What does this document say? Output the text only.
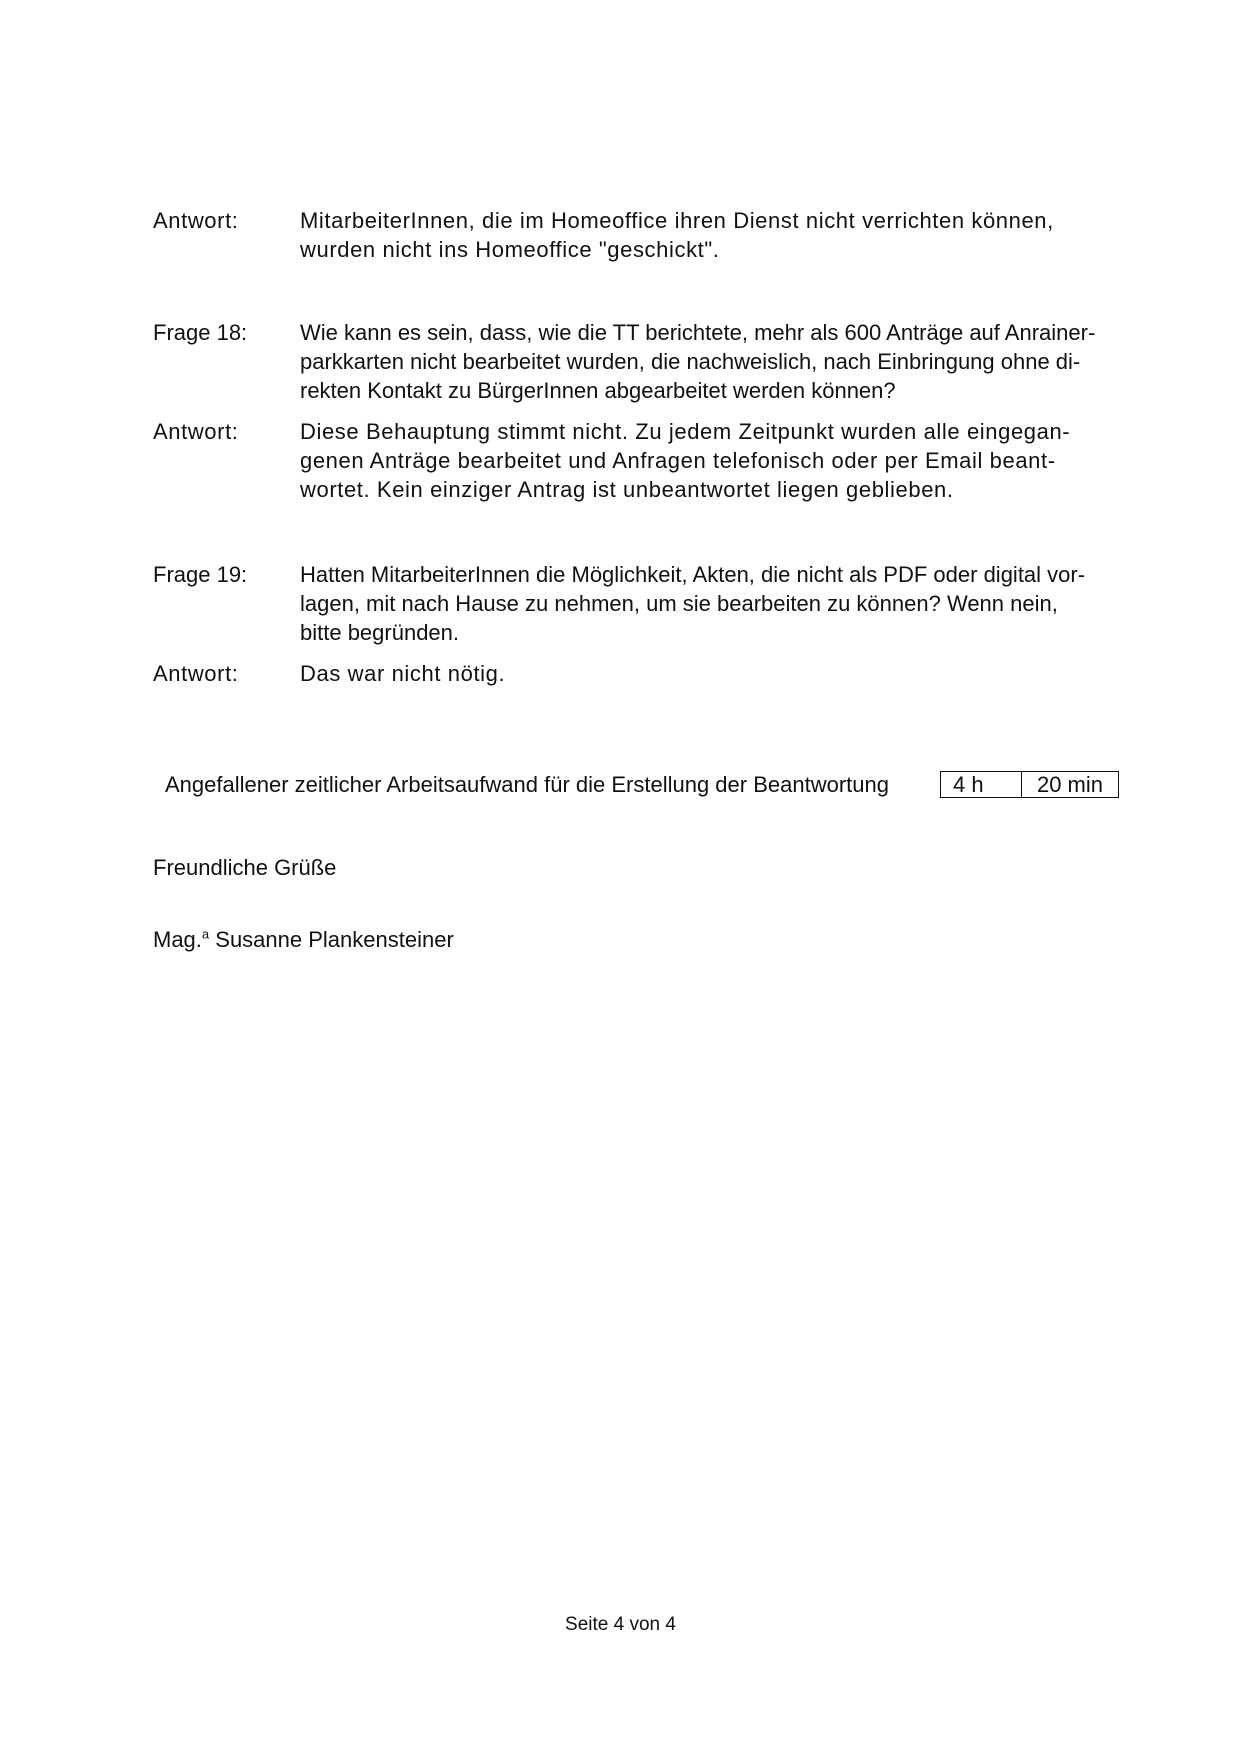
Antwort:	MitarbeiterInnen, die im Homeoffice ihren Dienst nicht verrichten können,
wurden nicht ins Homeoffice "geschickt".
Frage 18:	Wie kann es sein, dass, wie die TT berichtete, mehr als 600 Anträge auf Anrainer-
parkkarten nicht bearbeitet wurden, die nachweislich, nach Einbringung ohne di-
rekten Kontakt zu BürgerInnen abgearbeitet werden können?
Antwort:	Diese Behauptung stimmt nicht. Zu jedem Zeitpunkt wurden alle eingegan-
genen Anträge bearbeitet und Anfragen telefonisch oder per Email beant-
wortet. Kein einziger Antrag ist unbeantwortet liegen geblieben.
Frage 19:	Hatten MitarbeiterInnen die Möglichkeit, Akten, die nicht als PDF oder digital vor-
lagen, mit nach Hause zu nehmen, um sie bearbeiten zu können? Wenn nein,
bitte begründen.
Antwort:	Das war nicht nötig.
Angefallener zeitlicher Arbeitsaufwand für die Erstellung der Beantwortung	4 h	20 min
Freundliche Grüße
Mag.$^a$ Susanne Plankensteiner
Seite 4 von 4
